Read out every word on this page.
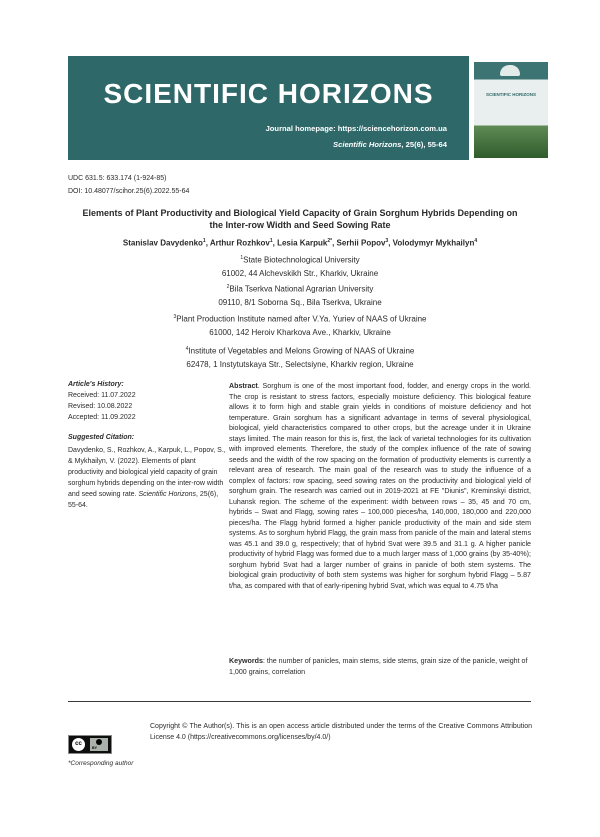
SCIENTIFIC HORIZONS
Journal homepage: https://sciencehorizon.com.ua
Scientific Horizons, 25(6), 55-64
SCIENTIFIC HORIZONS
UDC 631.5: 633.174 (1-924-85)
DOI: 10.48077/scihor.25(6).2022.55-64
Elements of Plant Productivity and Biological Yield Capacity of Grain Sorghum Hybrids Depending on the Inter-row Width and Seed Sowing Rate
Stanislav Davydenko$^1$, Arthur Rozhkov$^1$, Lesia Karpuk$^{2*}$, Serhii Popov$^3$, Volodymyr Mykhailyn$^4$
$^1$State Biotechnological University
61002, 44 Alchevskikh Str., Kharkiv, Ukraine
$^2$Bila Tserkva National Agrarian University
09110, 8/1 Soborna Sq., Bila Tserkva, Ukraine
$^3$Plant Production Institute named after V.Ya. Yuriev of NAAS of Ukraine
61000, 142 Heroiv Kharkova Ave., Kharkiv, Ukraine
$^4$Institute of Vegetables and Melons Growing of NAAS of Ukraine
62478, 1 Instytutskaya Str., Selectsiyne, Kharkiv region, Ukraine
Article's History:
Received: 11.07.2022
Revised: 10.08.2022
Accepted: 11.09.2022
Suggested Citation:
Davydenko, S., Rozhkov, A., Karpuk, L., Popov, S., & Mykhailyn, V. (2022). Elements of plant productivity and biological yield capacity of grain sorghum hybrids depending on the inter-row width and seed sowing rate. Scientific Horizons, 25(6), 55-64.
Abstract. Sorghum is one of the most important food, fodder, and energy crops in the world. The crop is resistant to stress factors, especially moisture deficiency. This biological feature allows it to form high and stable grain yields in conditions of moisture deficiency and hot temperature. Grain sorghum has a significant advantage in terms of several physiological, biological, yield characteristics compared to other crops, but the acreage under it in Ukraine stays limited. The main reason for this is, first, the lack of varietal technologies for its cultivation with improved elements. Therefore, the study of the complex influence of the rate of sowing seeds and the width of the row spacing on the formation of productivity elements is currently a relevant area of research. The main goal of the research was to study the influence of a complex of factors: row spacing, seed sowing rates on the productivity and biological yield of sorghum grain. The research was carried out in 2019-2021 at FE "Diunis", Kreminskyi district, Luhansk region. The scheme of the experiment: width between rows – 35, 45 and 70 cm, hybrids – Swat and Flagg, sowing rates – 100,000 pieces/ha, 140,000, 180,000 and 220,000 pieces/ha. The Flagg hybrid formed a higher panicle productivity of the main and side stem systems. As to sorghum hybrid Flagg, the grain mass from panicle of the main and lateral stems was 45.1 and 39.0 g, respectively; that of hybrid Svat were 39.5 and 31.1 g. A higher panicle productivity of hybrid Flagg was formed due to a much larger mass of 1,000 grains (by 35-40%); sorghum hybrid Svat had a larger number of grains in panicle of both stem systems. The biological grain productivity of both stem systems was higher for sorghum hybrid Flagg – 5.87 t/ha, as compared with that of early-ripening hybrid Svat, which was equal to 4.75 t/ha
Keywords: the number of panicles, main stems, side stems, grain size of the panicle, weight of 1,000 grains, correlation
cc
BY
Copyright © The Author(s). This is an open access article distributed under the terms of the Creative Commons Attribution License 4.0 (https://creativecommons.org/licenses/by/4.0/)
*Corresponding author
